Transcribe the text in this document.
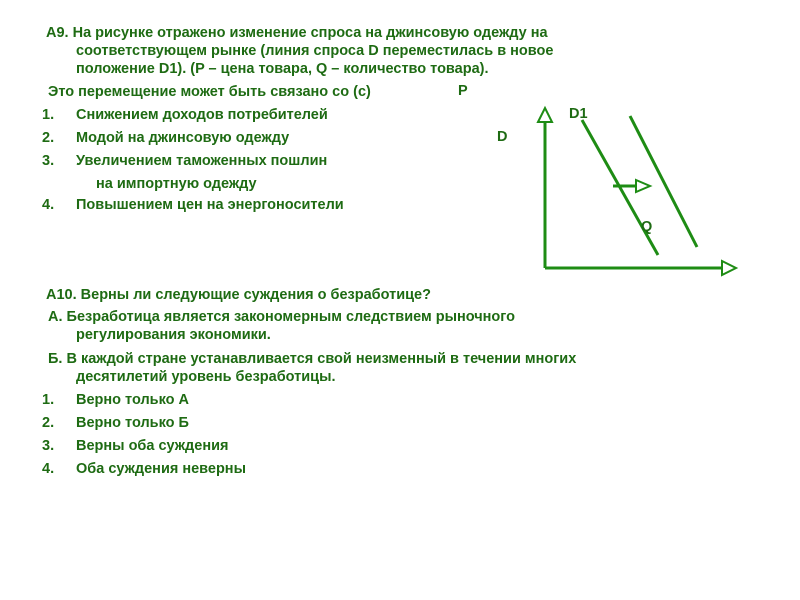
А9. На рисунке отражено изменение спроса на джинсовую одежду на
соответствующем рынке (линия спроса D переместилась в новое
положение D1). (P – цена товара, Q – количество товара).
Это перемещение может быть связано со (с)
1. Снижением доходов потребителей
2. Модой на джинсовую одежду
3. Увеличением таможенных пошлин
на импортную одежду
4. Повышением цен на энергоносители
P
D1
D
Q
А10. Верны ли следующие суждения о безработице?
А. Безработица является закономерным следствием рыночного
регулирования экономики.
Б. В каждой стране устанавливается свой неизменный в течении многих
десятилетий уровень безработицы.
1. Верно только А
2. Верно только Б
3. Верны оба суждения
4. Оба суждения неверны
